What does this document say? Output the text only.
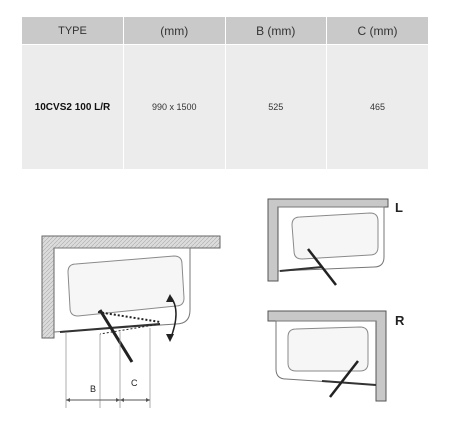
TYPE	(mm)	B (mm)	C (mm)
10CVS2 100 L/R	990 x 1500	525	465
B
C
L
R
